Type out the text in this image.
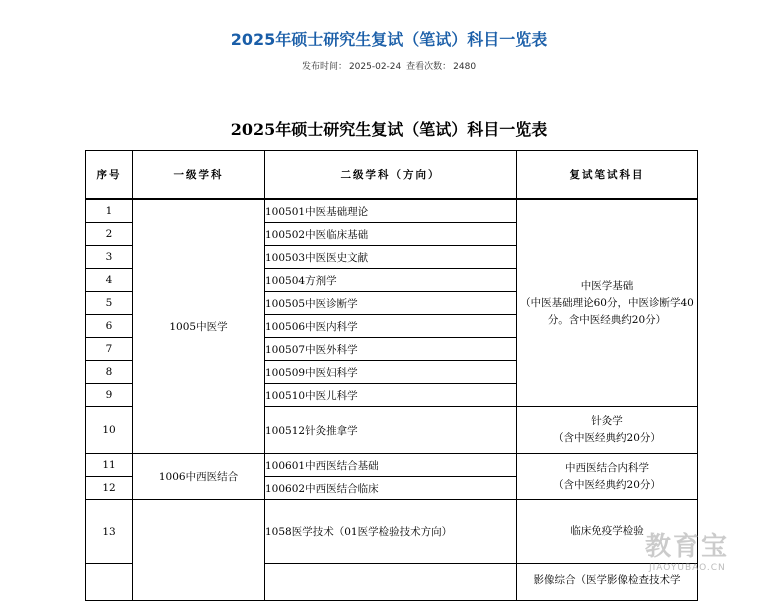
2025年硕士研究生复试（笔试）科目一览表
发布时间： 2025-02-24 查看次数： 2480
2025年硕士研究生复试（笔试）科目一览表
序号	一级学科	二级学科（方向）	复试笔试科目
1	1005中医学	100501中医基础理论	中医学基础
（中医基础理论60分，中医诊断学40分。含中医经典约20分）

2		100502中医临床基础	
3		100503中医医史文献	
4		100504方剂学	
5		100505中医诊断学	
6		100506中医内科学	
7		100507中医外科学	
8		100509中医妇科学	
9		100510中医儿科学	
10		100512针灸推拿学	针灸学
（含中医经典约20分）

11	1006中西医结合	100601中西医结合基础	中西医结合内科学
（含中医经典约20分）

12		100602中西医结合临床	
13		1058医学技术（01医学检验技术方向）	临床免疫学检验
			影像综合（医学影像检查技术学
教育宝
JIAOYUBAO.CN
